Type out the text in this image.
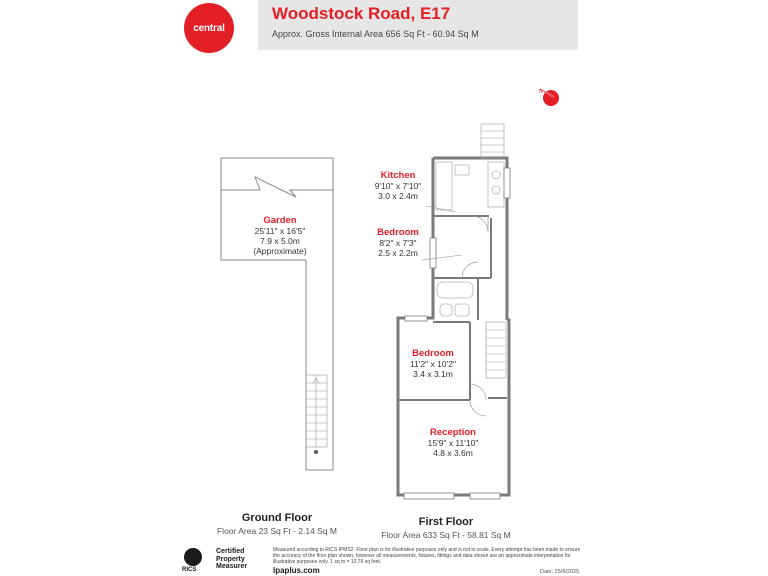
central
Woodstock Road, E17
Approx. Gross Internal Area 656 Sq Ft - 60.94 Sq M
N
Garden
25'11" x 16'5"
7.9 x 5.0m
(Approximate)
Kitchen
9'10" x 7'10"
3.0 x 2.4m
Bedroom
8'2" x 7'3"
2.5 x 2.2m
Bedroom
11'2" x 10'2"
3.4 x 3.1m
Reception
15'9" x 11'10"
4.8 x 3.6m
Ground Floor
Floor Area 23 Sq Ft - 2.14 Sq M
First Floor
Floor Area 633 Sq Ft - 58.81 Sq M
RICS
Certified
Property
Measurer
Measured according to RICS IPMS2. Floor plan is for illustrative purposes only and is not to scale. Every attempt has been made to ensure the accuracy of the floor plan shown, however all measurements, fixtures, fittings and data shown are an approximate interpretation for illustrative purposes only. 1 sq m = 10.76 sq feet.
lpaplus.com	Date: 25/6/2025
